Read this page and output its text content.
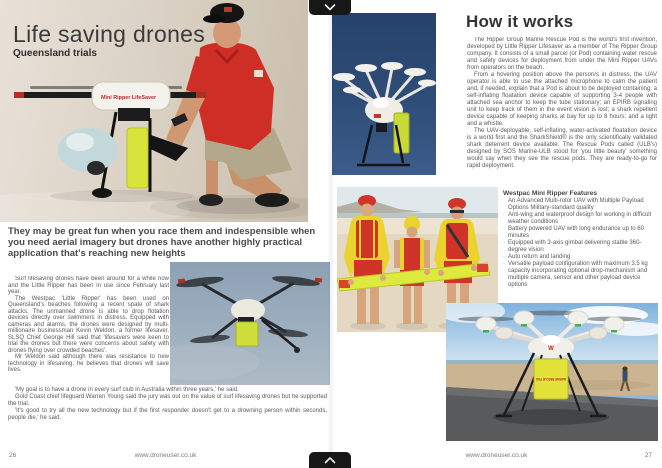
Mini Ripper LifeSaver
Life saving drones
Queensland trials

They may be great fun when you race them and indespensible when you need aerial imagery but drones have another highly practical application that's reaching new heights

Surf lifesaving drones have been around for a while now and the Little Ripper has been in use since February last year.

The Westpac 'Little Ripper' has been used on Queensland's beaches following a recent spate of shark attacks. The unmanned drone is able to drop flotation devices directly over swimmers in distress. Equipped with cameras and alarms, the drones were designed by multi-millionaire businessman Kevin Weldon, a former lifesaver. SLSQ Chief George Hill said that 'lifesavers were keen to trial the drones but there were concerns about safety with drones flying over crowded beaches'.

Mr Weldon said although there was resistance to new technology in lifesaving, he believes that drones will save lives.

'My goal is to have a drone in every surf club in Australia within three years,' he said.

Gold Coast chief lifeguard Warren Young said the jury was out on the value of surf lifesaving drones but he supported the trial.

'It's good to try all the new technology but if the first responder doesn't get to a drowning person within seconds, people die,' he said.

26	www.droneuser.co.uk
How it works

The Ripper Group Marine Rescue Pod is the world's first invention, developed by Little Ripper Lifesaver as a member of The Ripper Group company. It consists of a small parcel (or Pod) containing water rescue and safety devices for deployment from under the Mini Ripper UAVs from operators on the beach.

From a hovering position above the person/s in distress, the UAV operator is able to use the attached microphone to calm the patient and, if needed, explain that a Pod is about to be deployed containing: a self-inflating floatation device capable of supporting 3-4 people with attached sea anchor to keep the tube stationary; an EPIRB signaling unit to keep track of them in the event vision is lost; a shark repellent device capable of keeping sharks at bay for up to 8 hours; and a light and a whistle.

The UAV-deployable, self-inflating, water-activated floatation device is a world first and the SharkShield® is the only scientifically validated shark deterrent device available. The Rescue Pods called (ULB's) designed by SOS Marine-ULB stood for 'you little beauty' something would say when they see the rescue pods. They are ready-to-go for rapid deployment.

Westpac Mini Ripper Features

An Advanced Multi-rotor UAV with Multiple Payload Options Military-standard quality

· Anti-wing and waterproof design for working in difficult weather conditions
· Battery powered UAV with long endurance up to 60 minutes
· Equipped with 3-axis gimbal delivering stable 360-degree vision
· Auto return and landing
· Versatile payload configuration with maximum 3.5 kg capacity incorporating optional drop-mechanism and multiple camera, sensor and other payload device options
W
MARINE RESCUE POD
www.droneuser.co.uk	27
